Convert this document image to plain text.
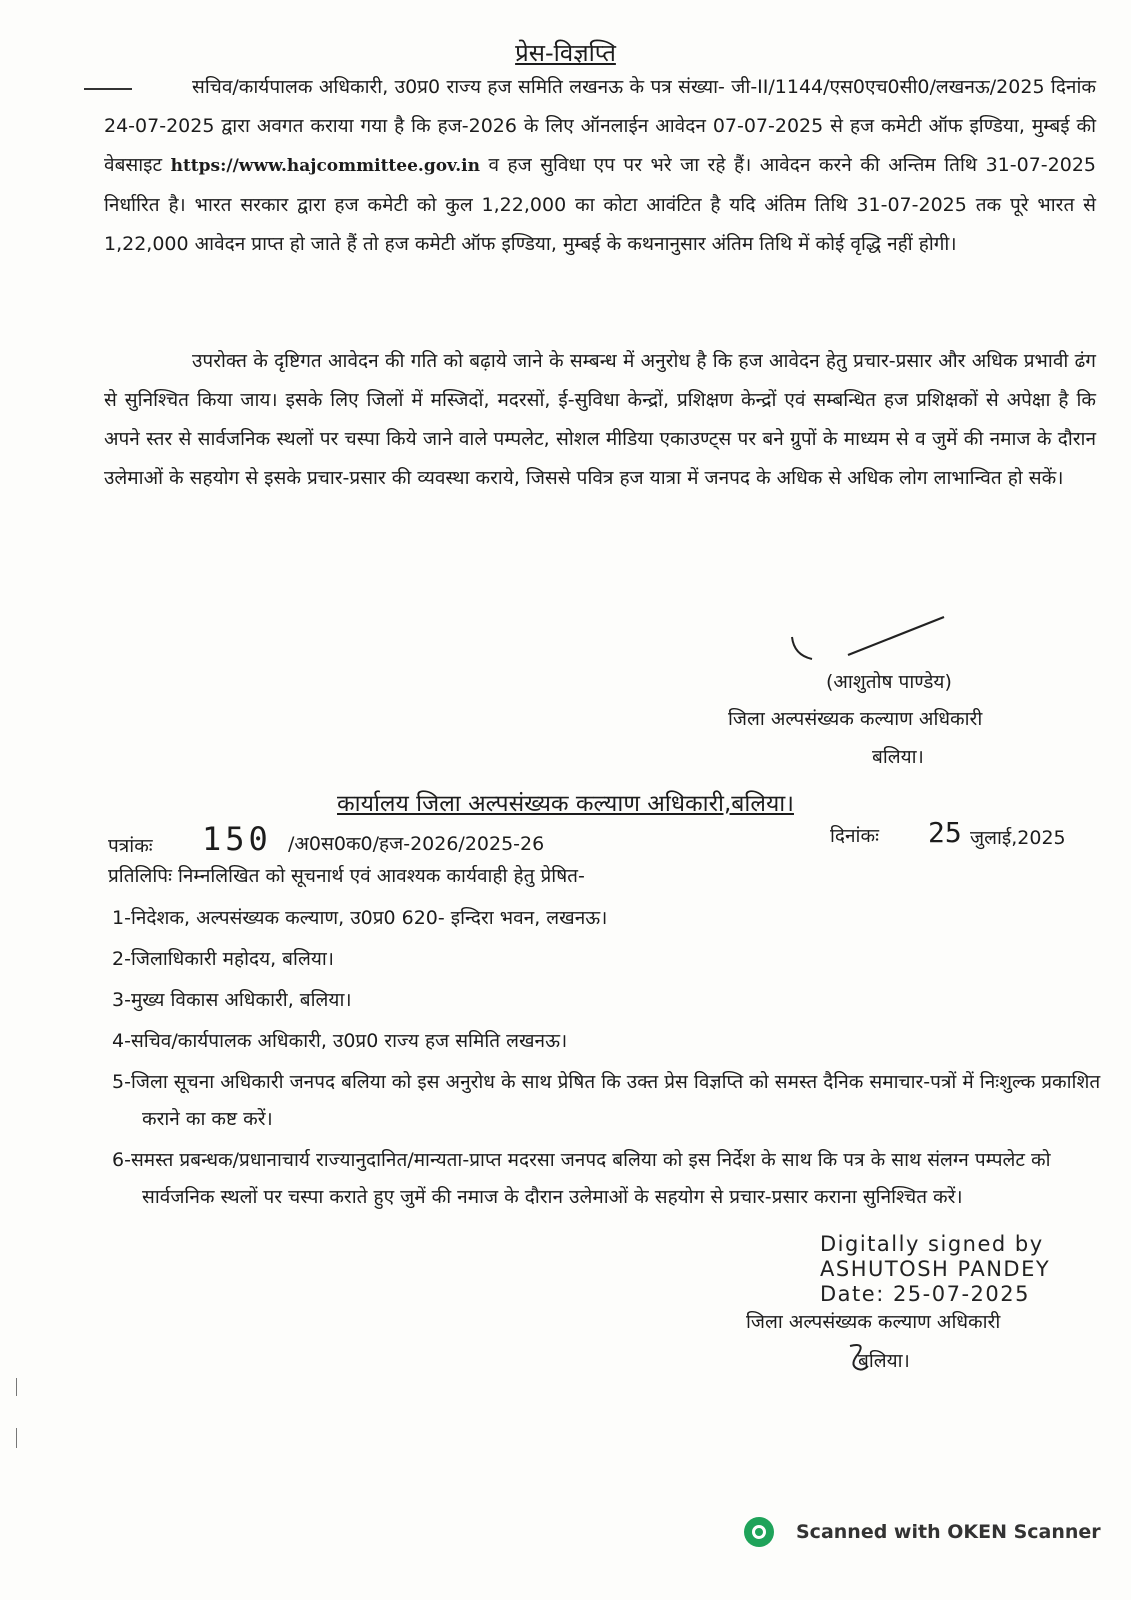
प्रेस-विज्ञप्ति
सचिव/कार्यपालक अधिकारी, उ0प्र0 राज्य हज समिति लखनऊ के पत्र संख्या- जी-II/1144/एस0एच0सी0/लखनऊ/2025 दिनांक 24-07-2025 द्वारा अवगत कराया गया है कि हज-2026 के लिए ऑनलाईन आवेदन 07-07-2025 से हज कमेटी ऑफ इण्डिया, मुम्बई की वेबसाइट https://www.hajcommittee.gov.in व हज सुविधा एप पर भरे जा रहे हैं। आवेदन करने की अन्तिम तिथि 31-07-2025 निर्धारित है। भारत सरकार द्वारा हज कमेटी को कुल 1,22,000 का कोटा आवंटित है यदि अंतिम तिथि 31-07-2025 तक पूरे भारत से 1,22,000 आवेदन प्राप्त हो जाते हैं तो हज कमेटी ऑफ इण्डिया, मुम्बई के कथनानुसार अंतिम तिथि में कोई वृद्धि नहीं होगी।
उपरोक्त के दृष्टिगत आवेदन की गति को बढ़ाये जाने के सम्बन्ध में अनुरोध है कि हज आवेदन हेतु प्रचार-प्रसार और अधिक प्रभावी ढंग से सुनिश्चित किया जाय। इसके लिए जिलों में मस्जिदों, मदरसों, ई-सुविधा केन्द्रों, प्रशिक्षण केन्द्रों एवं सम्बन्धित हज प्रशिक्षकों से अपेक्षा है कि अपने स्तर से सार्वजनिक स्थलों पर चस्पा किये जाने वाले पम्पलेट, सोशल मीडिया एकाउण्ट्स पर बने ग्रुपों के माध्यम से व जुमें की नमाज के दौरान उलेमाओं के सहयोग से इसके प्रचार-प्रसार की व्यवस्था कराये, जिससे पवित्र हज यात्रा में जनपद के अधिक से अधिक लोग लाभान्वित हो सकें।
(आशुतोष पाण्डेय)
जिला अल्पसंख्यक कल्याण अधिकारी
बलिया।
कार्यालय जिला अल्पसंख्यक कल्याण अधिकारी,बलिया।
पत्रांकः 150 /अ0स0क0/हज-2026/2025-26	दिनांकः 25 जुलाई,2025
प्रतिलिपिः निम्नलिखित को सूचनार्थ एवं आवश्यक कार्यवाही हेतु प्रेषित-
1-निदेशक, अल्पसंख्यक कल्याण, उ0प्र0 620- इन्दिरा भवन, लखनऊ।
2-जिलाधिकारी महोदय, बलिया।
3-मुख्य विकास अधिकारी, बलिया।
4-सचिव/कार्यपालक अधिकारी, उ0प्र0 राज्य हज समिति लखनऊ।
5-जिला सूचना अधिकारी जनपद बलिया को इस अनुरोध के साथ प्रेषित कि उक्त प्रेस विज्ञप्ति को समस्त दैनिक समाचार-पत्रों में निःशुल्क प्रकाशित कराने का कष्ट करें।
6-समस्त प्रबन्धक/प्रधानाचार्य राज्यानुदानित/मान्यता-प्राप्त मदरसा जनपद बलिया को इस निर्देश के साथ कि पत्र के साथ संलग्न पम्पलेट को सार्वजनिक स्थलों पर चस्पा कराते हुए जुमें की नमाज के दौरान उलेमाओं के सहयोग से प्रचार-प्रसार कराना सुनिश्चित करें।
Digitally signed by
ASHUTOSH PANDEY
Date: 25-07-2025
जिला अल्पसंख्यक कल्याण अधिकारी
बलिया।
Scanned with OKEN Scanner
